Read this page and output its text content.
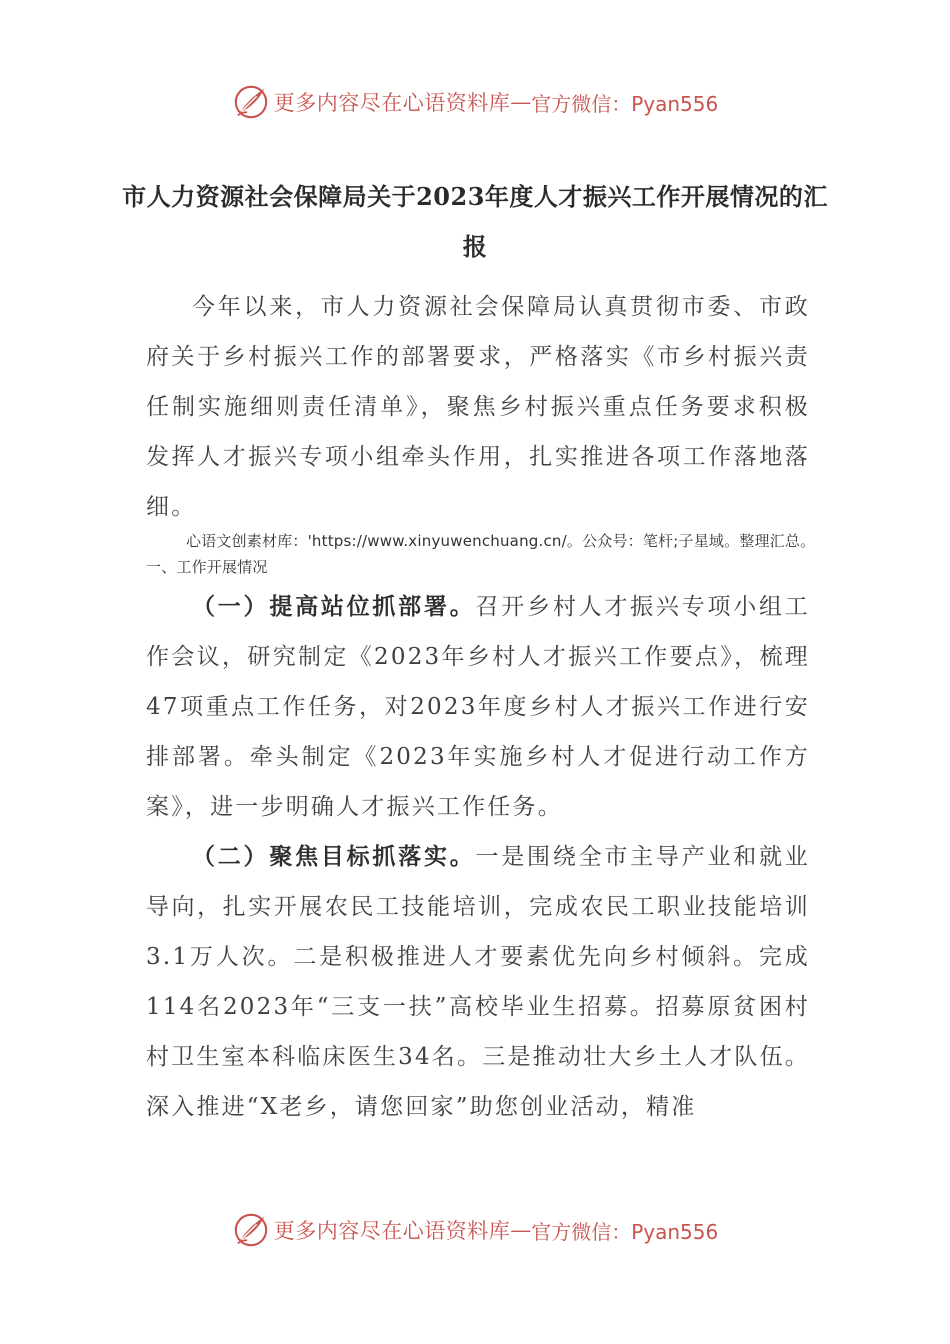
更多内容尽在心语资料库 — 官方微信：Pyan556
市人力资源社会保障局关于2023年度人才振兴工作开展情况的汇报
今年以来，市人力资源社会保障局认真贯彻市委、市政府关于乡村振兴工作的部署要求，严格落实《市乡村振兴责任制实施细则责任清单》，聚焦乡村振兴重点任务要求积极发挥人才振兴专项小组牵头作用，扎实推进各项工作落地落细。
心语文创素材库：'https://www.xinyuwenchuang.cn/。公众号：笔杆;子星域。整理汇总。一、工作开展情况
（一）提高站位抓部署。召开乡村人才振兴专项小组工作会议，研究制定《2023年乡村人才振兴工作要点》，梳理47项重点工作任务，对2023年度乡村人才振兴工作进行安排部署。牵头制定《2023年实施乡村人才促进行动工作方案》，进一步明确人才振兴工作任务。
（二）聚焦目标抓落实。一是围绕全市主导产业和就业导向，扎实开展农民工技能培训，完成农民工职业技能培训3.1万人次。二是积极推进人才要素优先向乡村倾斜。完成114名2023年“三支一扶”高校毕业生招募。招募原贫困村村卫生室本科临床医生34名。三是推动壮大乡土人才队伍。深入推进“X老乡，请您回家”助您创业活动，精准
更多内容尽在心语资料库 — 官方微信：Pyan556
